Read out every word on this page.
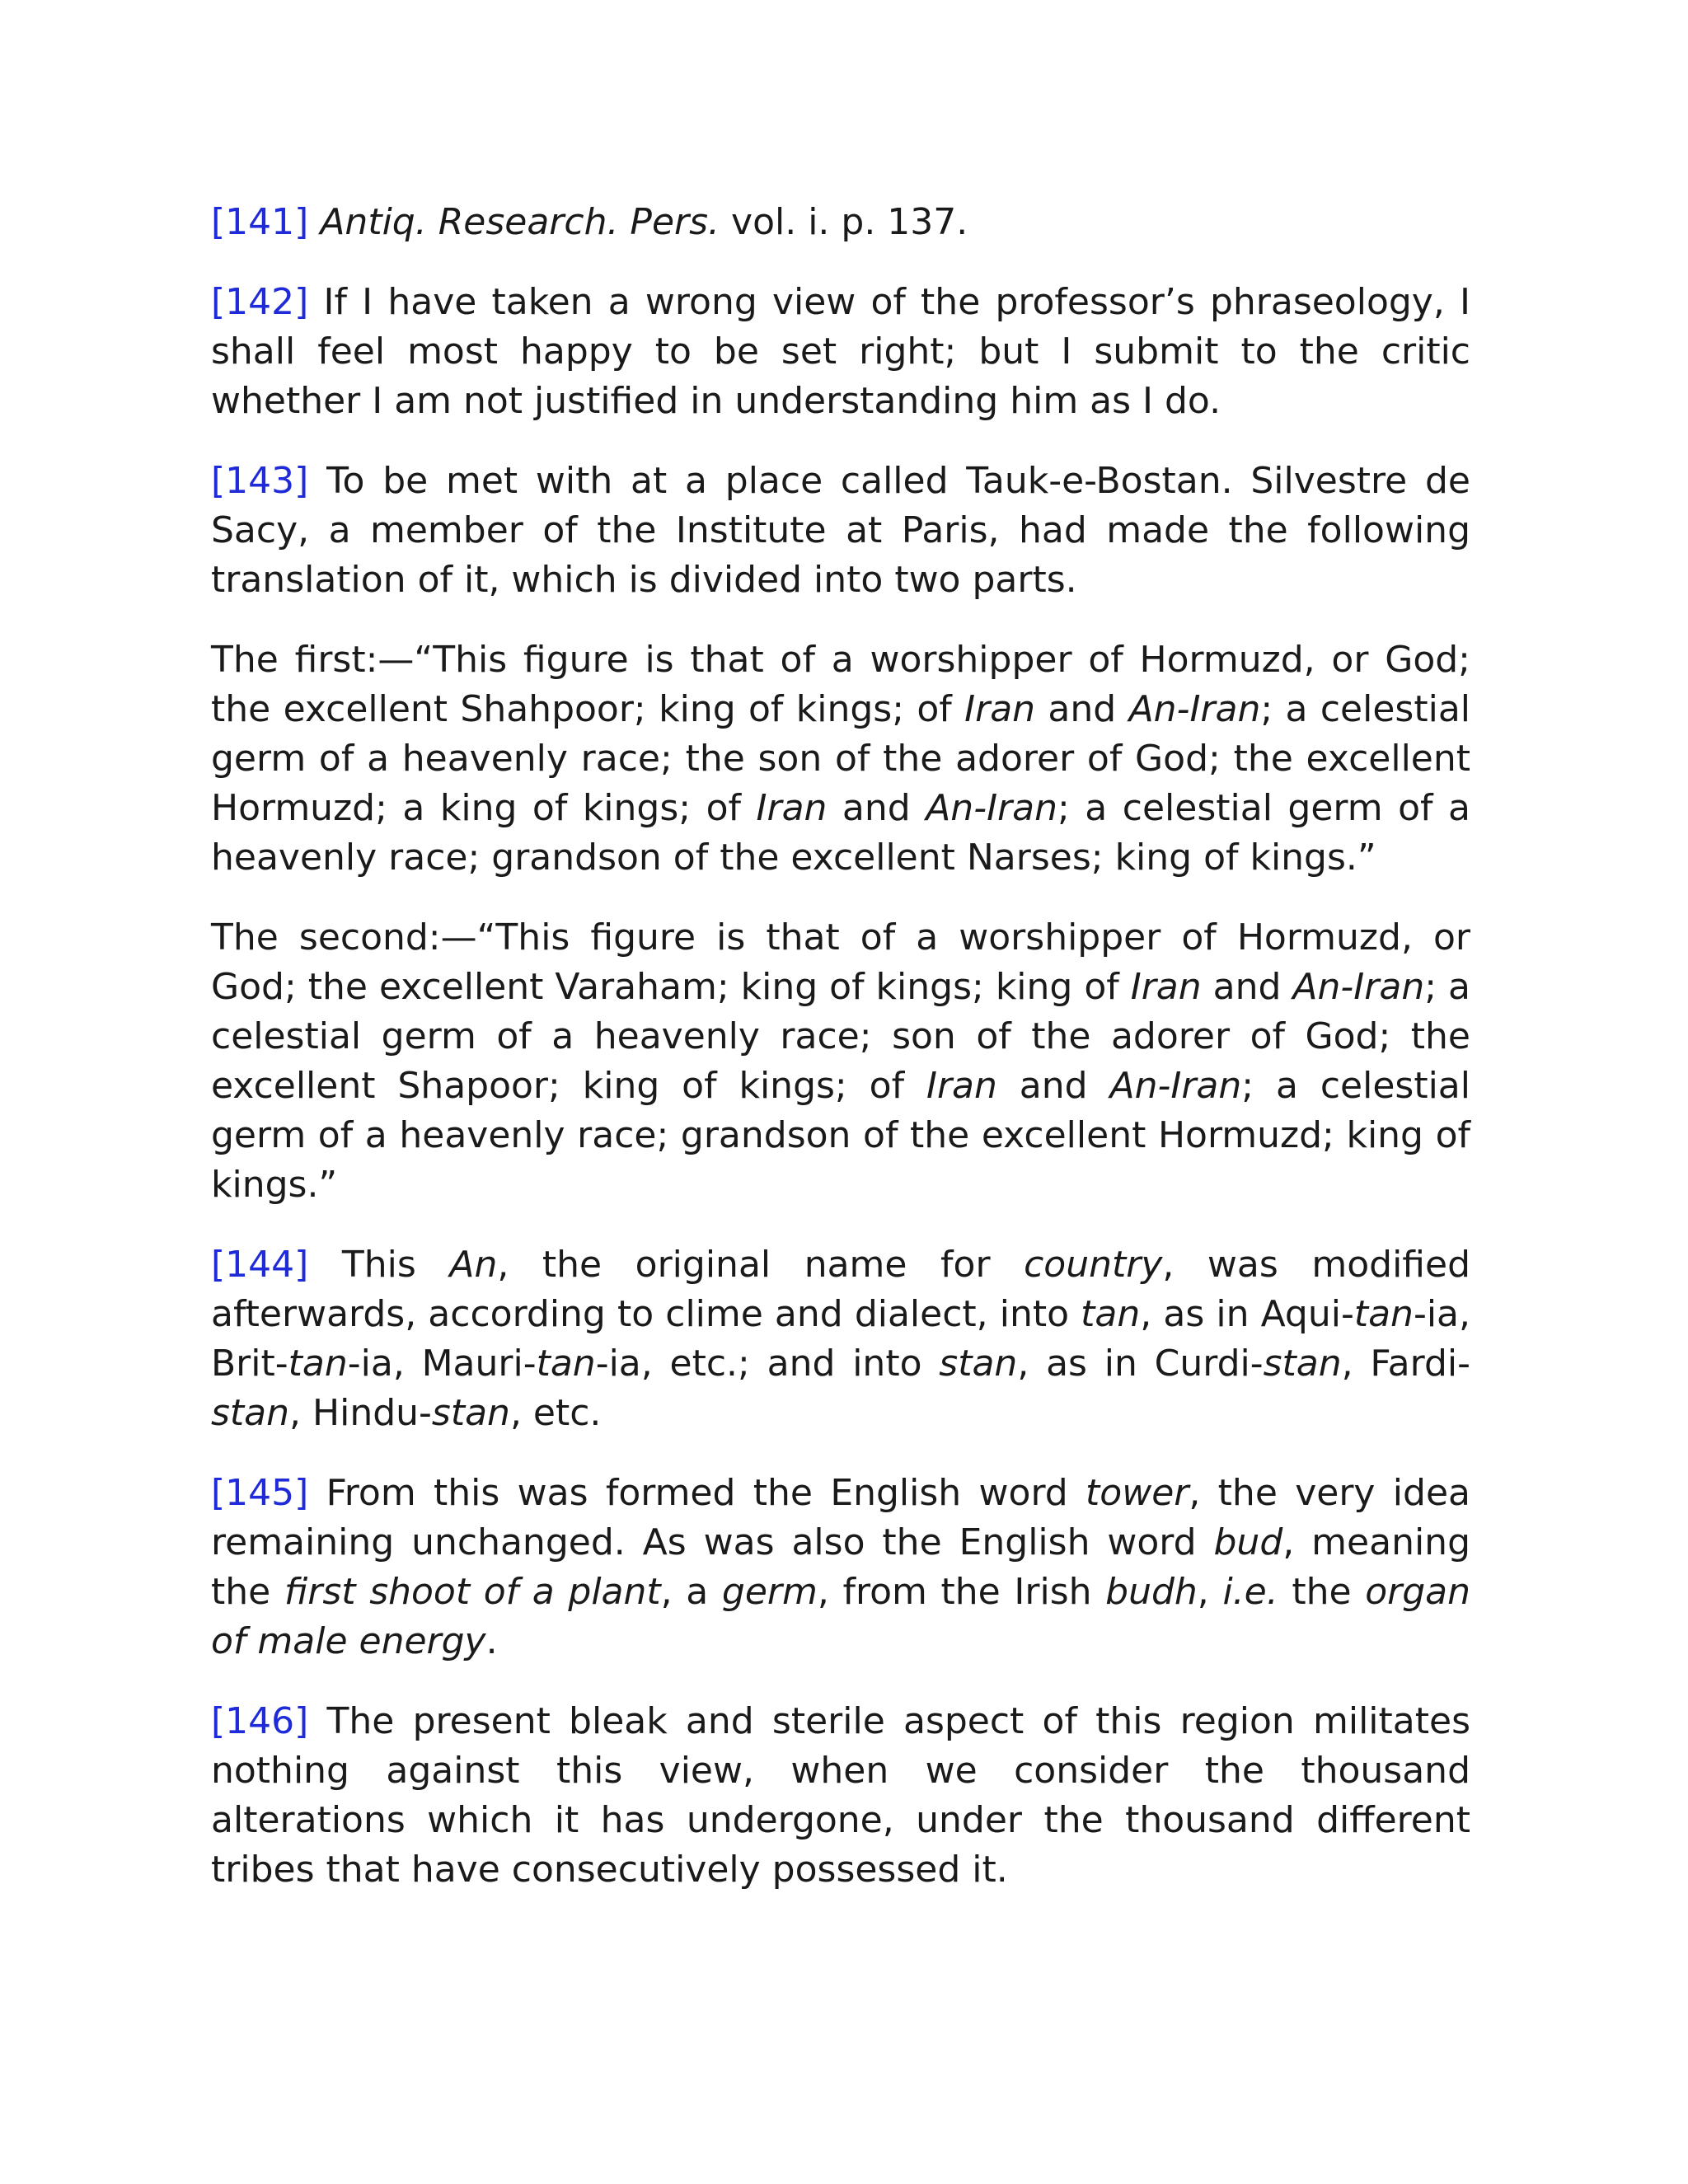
[141] Antiq. Research. Pers. vol. i. p. 137.

[142] If I have taken a wrong view of the professor’s phraseology, I shall feel most happy to be set right; but I submit to the critic whether I am not justified in understanding him as I do.

[143] To be met with at a place called Tauk-e-Bostan. Silvestre de Sacy, a member of the Institute at Paris, had made the following translation of it, which is divided into two parts.

The first:—“This figure is that of a worshipper of Hormuzd, or God; the excellent Shahpoor; king of kings; of Iran and An-Iran; a celestial germ of a heavenly race; the son of the adorer of God; the excellent Hormuzd; a king of kings; of Iran and An-Iran; a celestial germ of a heavenly race; grandson of the excellent Narses; king of kings.”

The second:—“This figure is that of a worshipper of Hormuzd, or God; the excellent Varaham; king of kings; king of Iran and An-Iran; a celestial germ of a heavenly race; son of the adorer of God; the excellent Shapoor; king of kings; of Iran and An-Iran; a celestial germ of a heavenly race; grandson of the excellent Hormuzd; king of kings.”

[144] This An, the original name for country, was modified afterwards, according to clime and dialect, into tan, as in Aqui-tan-ia, Brit-tan-ia, Mauri-tan-ia, etc.; and into stan, as in Curdi-stan, Fardi-stan, Hindu-stan, etc.

[145] From this was formed the English word tower, the very idea remaining unchanged. As was also the English word bud, meaning the first shoot of a plant, a germ, from the Irish budh, i.e. the organ of male energy.

[146] The present bleak and sterile aspect of this region militates nothing against this view, when we consider the thousand alterations which it has undergone, under the thousand different tribes that have consecutively possessed it.
